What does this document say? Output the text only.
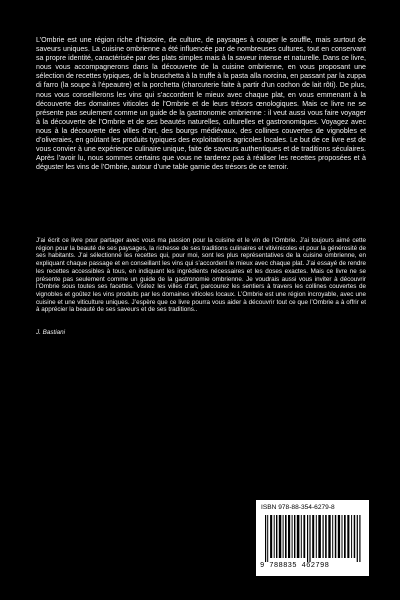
L’Ombrie est une région riche d’histoire, de culture, de paysages à couper le souffle, mais surtout de saveurs uniques. La cuisine ombrienne a été influencée par de nombreuses cultures, tout en conservant sa propre identité, caractérisée par des plats simples mais à la saveur intense et naturelle. Dans ce livre, nous vous accompagnerons dans la découverte de la cuisine ombrienne, en vous proposant une sélection de recettes typiques, de la bruschetta à la truffe à la pasta alla norcina, en passant par la zuppa di farro (la soupe à l’épeautre) et la porchetta (charcuterie faite à partir d’un cochon de lait rôti). De plus, nous vous conseillerons les vins qui s’accordent le mieux avec chaque plat, en vous emmenant à la découverte des domaines viticoles de l’Ombrie et de leurs trésors œnologiques. Mais ce livre ne se présente pas seulement comme un guide de la gastronomie ombrienne : il veut aussi vous faire voyager à la découverte de l’Ombrie et de ses beautés naturelles, culturelles et gastronomiques. Voyagez avec nous à la découverte des villes d’art, des bourgs médiévaux, des collines couvertes de vignobles et d’oliveraies, en goûtant les produits typiques des exploitations agricoles locales. Le but de ce livre est de vous convier à une expérience culinaire unique, faite de saveurs authentiques et de traditions séculaires. Après l’avoir lu, nous sommes certains que vous ne tarderez pas à réaliser les recettes proposées et à déguster les vins de l’Ombrie, autour d’une table garnie des trésors de ce terroir.

J’ai écrit ce livre pour partager avec vous ma passion pour la cuisine et le vin de l’Ombrie. J’ai toujours aimé cette région pour la beauté de ses paysages, la richesse de ses traditions culinaires et vitivinicoles et pour la générosité de ses habitants. J’ai sélectionné les recettes qui, pour moi, sont les plus représentatives de la cuisine ombrienne, en expliquant chaque passage et en conseillant les vins qui s’accordent le mieux avec chaque plat. J’ai essayé de rendre les recettes accessibles à tous, en indiquant les ingrédients nécessaires et les doses exactes. Mais ce livre ne se présente pas seulement comme un guide de la gastronomie ombrienne. Je voudrais aussi vous inviter à découvrir l’Ombrie sous toutes ses facettes. Visitez les villes d’art, parcourez les sentiers à travers les collines couvertes de vignobles et goûtez les vins produits par les domaines viticoles locaux. L’Ombrie est une région incroyable, avec une cuisine et une viticulture uniques. J’espère que ce livre pourra vous aider à découvrir tout ce que l’Ombrie a à offrir et à apprécier la beauté de ses saveurs et de ses traditions..

J. Bastiani

ISBN 978-88-354-6279-8
9 788835 462798
